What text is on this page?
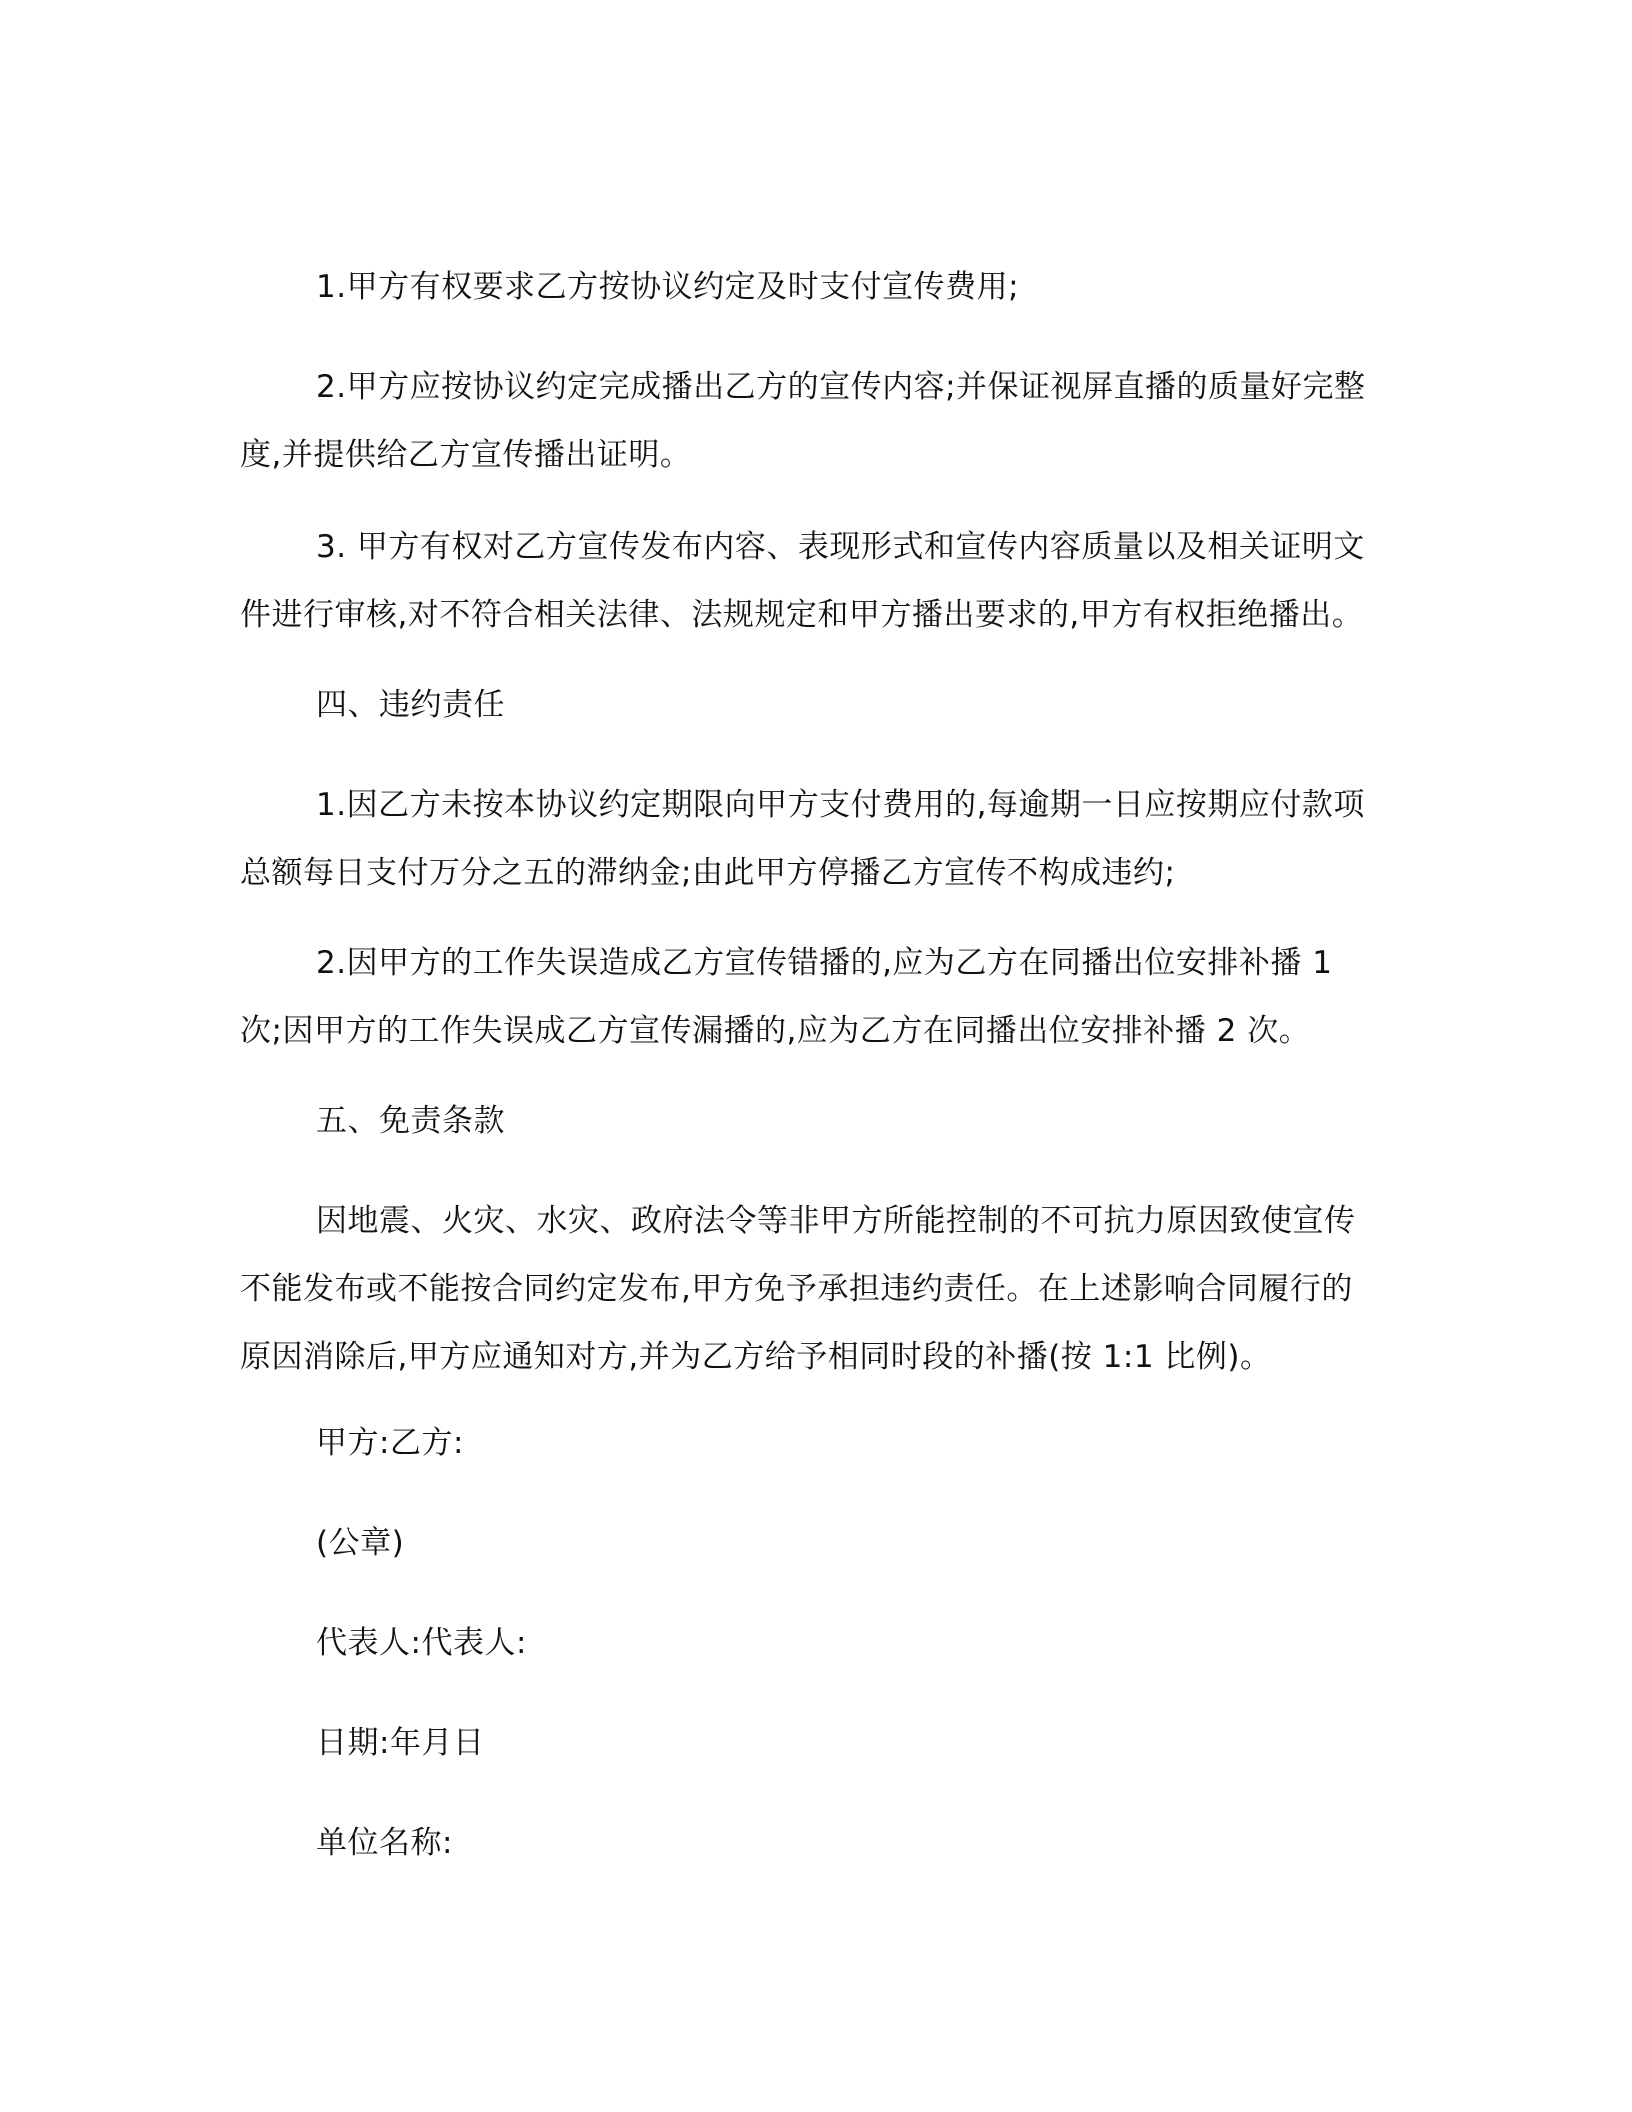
1.甲方有权要求乙方按协议约定及时支付宣传费用;

2.甲方应按协议约定完成播出乙方的宣传内容;并保证视屏直播的质量好完整度,并提供给乙方宣传播出证明。

3. 甲方有权对乙方宣传发布内容、表现形式和宣传内容质量以及相关证明文件进行审核,对不符合相关法律、法规规定和甲方播出要求的,甲方有权拒绝播出。

四、违约责任

1.因乙方未按本协议约定期限向甲方支付费用的,每逾期一日应按期应付款项总额每日支付万分之五的滞纳金;由此甲方停播乙方宣传不构成违约;

2.因甲方的工作失误造成乙方宣传错播的,应为乙方在同播出位安排补播 1 次;因甲方的工作失误成乙方宣传漏播的,应为乙方在同播出位安排补播 2 次。

五、免责条款

因地震、火灾、水灾、政府法令等非甲方所能控制的不可抗力原因致使宣传不能发布或不能按合同约定发布,甲方免予承担违约责任。在上述影响合同履行的原因消除后,甲方应通知对方,并为乙方给予相同时段的补播(按 1:1 比例)。

甲方:乙方:

(公章)

代表人:代表人:

日期:年月日

单位名称:
